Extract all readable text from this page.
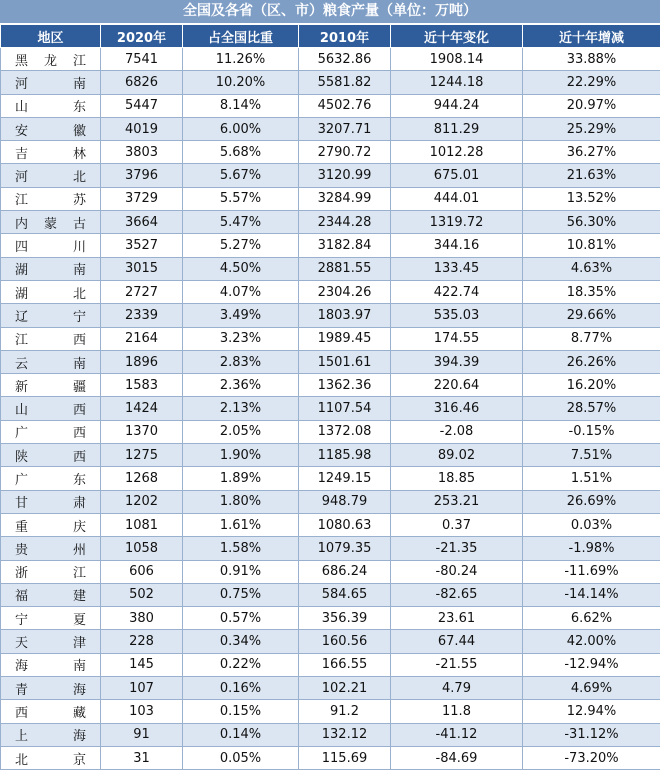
全国及各省（区、市）粮食产量（单位：万吨）
地区	2020年	占全国比重	2010年	近十年变化	近十年增减
黑龙江	7541	11.26%	5632.86	1908.14	33.88%
河南	6826	10.20%	5581.82	1244.18	22.29%
山东	5447	8.14%	4502.76	944.24	20.97%
安徽	4019	6.00%	3207.71	811.29	25.29%
吉林	3803	5.68%	2790.72	1012.28	36.27%
河北	3796	5.67%	3120.99	675.01	21.63%
江苏	3729	5.57%	3284.99	444.01	13.52%
内蒙古	3664	5.47%	2344.28	1319.72	56.30%
四川	3527	5.27%	3182.84	344.16	10.81%
湖南	3015	4.50%	2881.55	133.45	4.63%
湖北	2727	4.07%	2304.26	422.74	18.35%
辽宁	2339	3.49%	1803.97	535.03	29.66%
江西	2164	3.23%	1989.45	174.55	8.77%
云南	1896	2.83%	1501.61	394.39	26.26%
新疆	1583	2.36%	1362.36	220.64	16.20%
山西	1424	2.13%	1107.54	316.46	28.57%
广西	1370	2.05%	1372.08	-2.08	-0.15%
陕西	1275	1.90%	1185.98	89.02	7.51%
广东	1268	1.89%	1249.15	18.85	1.51%
甘肃	1202	1.80%	948.79	253.21	26.69%
重庆	1081	1.61%	1080.63	0.37	0.03%
贵州	1058	1.58%	1079.35	-21.35	-1.98%
浙江	606	0.91%	686.24	-80.24	-11.69%
福建	502	0.75%	584.65	-82.65	-14.14%
宁夏	380	0.57%	356.39	23.61	6.62%
天津	228	0.34%	160.56	67.44	42.00%
海南	145	0.22%	166.55	-21.55	-12.94%
青海	107	0.16%	102.21	4.79	4.69%
西藏	103	0.15%	91.2	11.8	12.94%
上海	91	0.14%	132.12	-41.12	-31.12%
北京	31	0.05%	115.69	-84.69	-73.20%
